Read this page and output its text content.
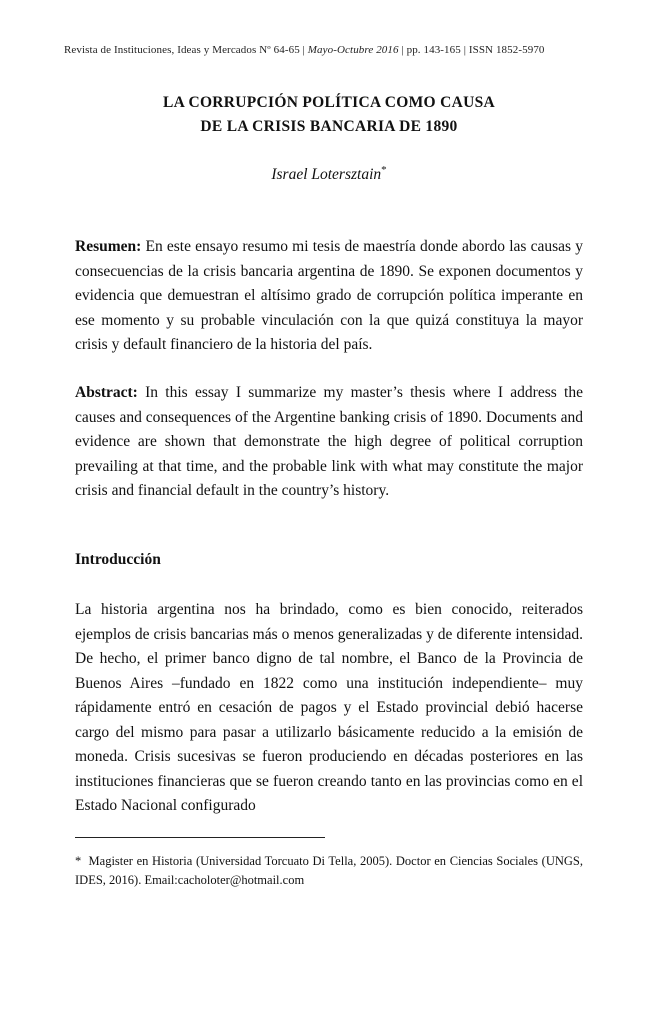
Revista de Instituciones, Ideas y Mercados Nº 64-65 | Mayo-Octubre 2016 | pp. 143-165 | ISSN 1852-5970
LA CORRUPCIÓN POLÍTICA COMO CAUSA
DE LA CRISIS BANCARIA DE 1890
Israel Lotersztain*
Resumen: En este ensayo resumo mi tesis de maestría donde abordo las causas y consecuencias de la crisis bancaria argentina de 1890. Se exponen documentos y evidencia que demuestran el altísimo grado de corrupción política imperante en ese momento y su probable vinculación con la que quizá constituya la mayor crisis y default financiero de la historia del país.
Abstract: In this essay I summarize my master’s thesis where I address the causes and consequences of the Argentine banking crisis of 1890. Documents and evidence are shown that demonstrate the high degree of political corruption prevailing at that time, and the probable link with what may constitute the major crisis and financial default in the country’s history.
Introducción
La historia argentina nos ha brindado, como es bien conocido, reiterados ejemplos de crisis bancarias más o menos generalizadas y de diferente intensidad. De hecho, el primer banco digno de tal nombre, el Banco de la Provincia de Buenos Aires –fundado en 1822 como una institución independiente– muy rápidamente entró en cesación de pagos y el Estado provincial debió hacerse cargo del mismo para pasar a utilizarlo básicamente reducido a la emisión de moneda. Crisis sucesivas se fueron produciendo en décadas posteriores en las instituciones financieras que se fueron creando tanto en las provincias como en el Estado Nacional configurado
* Magister en Historia (Universidad Torcuato Di Tella, 2005). Doctor en Ciencias Sociales (UNGS, IDES, 2016). Email:cacholoter@hotmail.com
